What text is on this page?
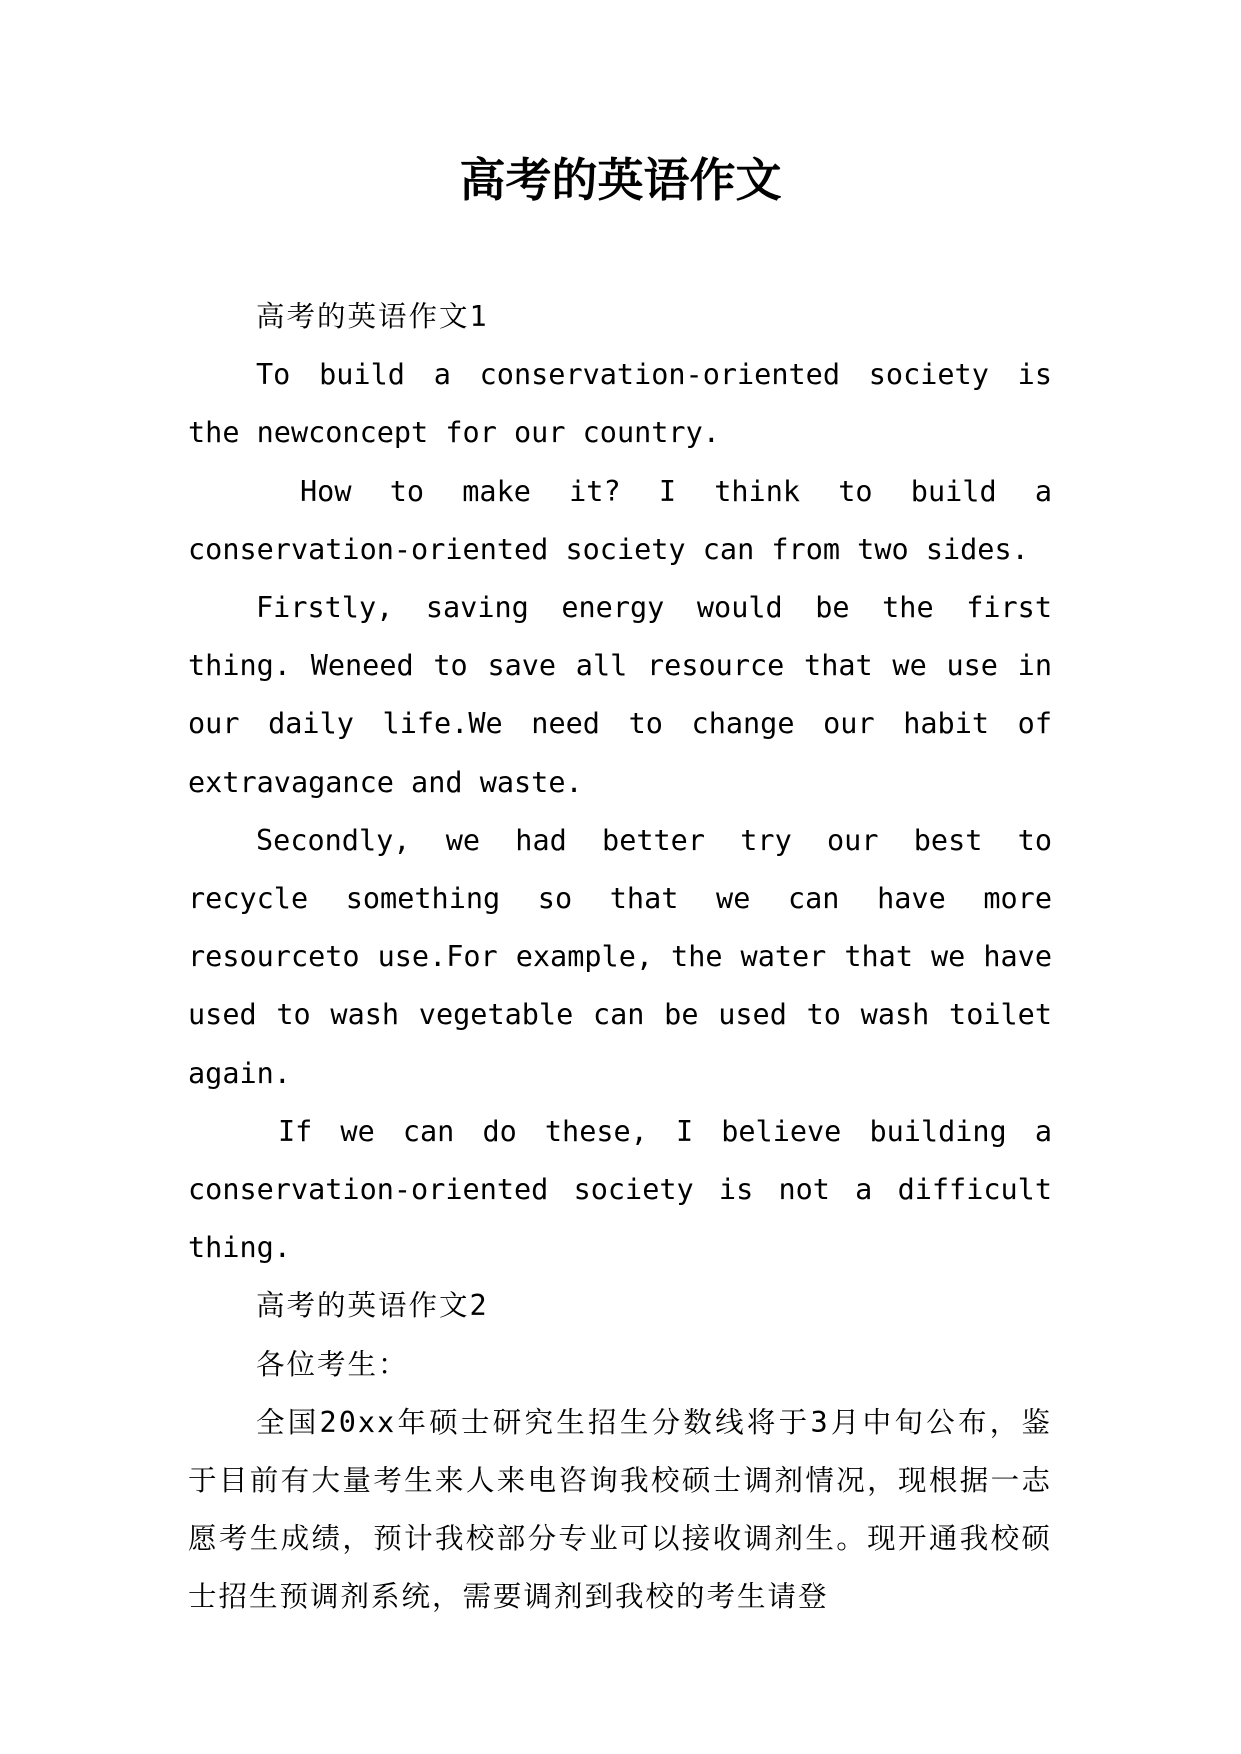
高考的英语作文

高考的英语作文1

To build a conservation-oriented society is the newconcept for our country.

How to make it? I think to build a conservation-oriented society can from two sides.

Firstly, saving energy would be the first thing. Weneed to save all resource that we use in our daily life.We need to change our habit of extravagance and waste.

Secondly, we had better try our best to recycle something so that we can have more resourceto use.For example, the water that we have used to wash vegetable can be used to wash toilet again.

If we can do these, I believe building a conservation-oriented society is not a difficult thing.

高考的英语作文2

各位考生：

全国20xx年硕士研究生招生分数线将于3月中旬公布，鉴于目前有大量考生来人来电咨询我校硕士调剂情况，现根据一志愿考生成绩，预计我校部分专业可以接收调剂生。现开通我校硕士招生预调剂系统，需要调剂到我校的考生请登
